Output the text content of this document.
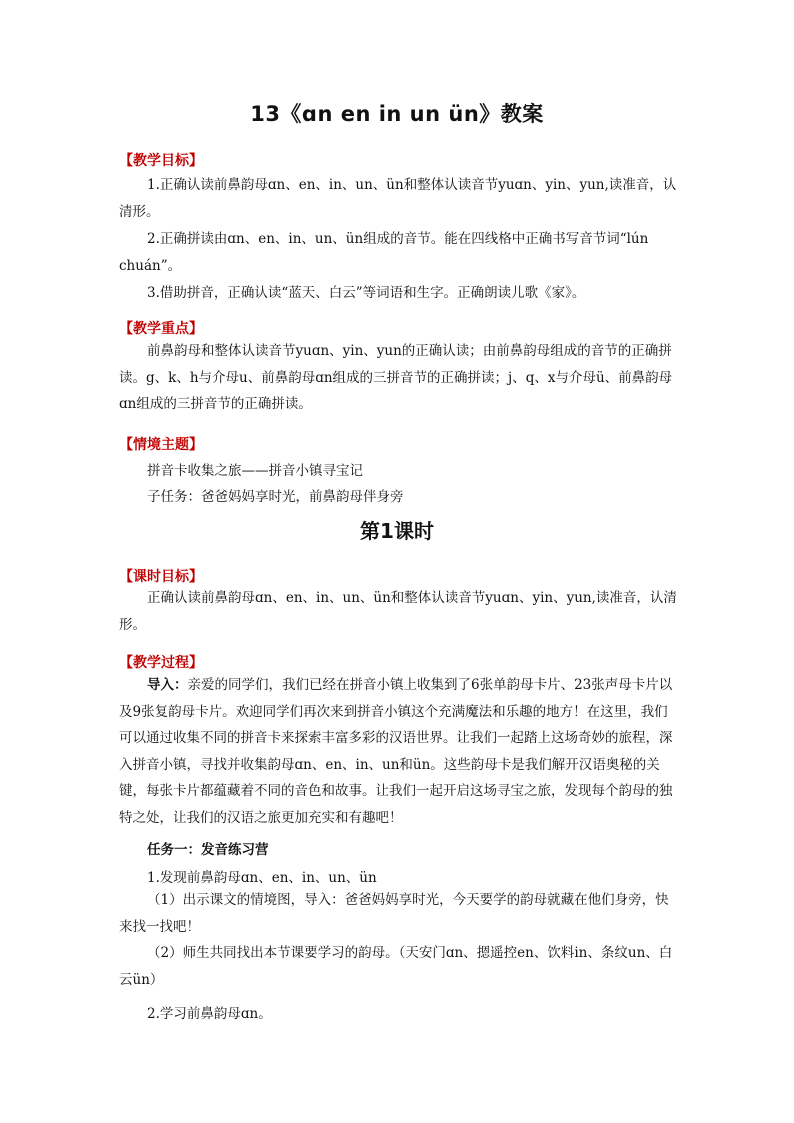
13《ɑn en in un ün》教案
【教学目标】

1.正确认读前鼻韵母ɑn、en、in、un、ün和整体认读音节yuɑn、yin、yun,读准音，认清形。

2.正确拼读由ɑn、en、in、un、ün组成的音节。能在四线格中正确书写音节词“lún chuán”。

3.借助拼音，正确认读“蓝天、白云”等词语和生字。正确朗读儿歌《家》。

【教学重点】

前鼻韵母和整体认读音节yuɑn、yin、yun的正确认读；由前鼻韵母组成的音节的正确拼读。g、k、h与介母u、前鼻韵母ɑn组成的三拼音节的正确拼读；j、q、x与介母ü、前鼻韵母ɑn组成的三拼音节的正确拼读。

【情境主题】
拼音卡收集之旅——拼音小镇寻宝记
子任务：爸爸妈妈享时光，前鼻韵母伴身旁
第1课时
【课时目标】

正确认读前鼻韵母ɑn、en、in、un、ün和整体认读音节yuɑn、yin、yun,读准音，认清形。

【教学过程】

导入：亲爱的同学们，我们已经在拼音小镇上收集到了6张单韵母卡片、23张声母卡片以及9张复韵母卡片。欢迎同学们再次来到拼音小镇这个充满魔法和乐趣的地方！在这里，我们可以通过收集不同的拼音卡来探索丰富多彩的汉语世界。让我们一起踏上这场奇妙的旅程，深入拼音小镇，寻找并收集韵母ɑn、en、in、un和ün。这些韵母卡是我们解开汉语奥秘的关键，每张卡片都蕴藏着不同的音色和故事。让我们一起开启这场寻宝之旅，发现每个韵母的独特之处，让我们的汉语之旅更加充实和有趣吧！

任务一：发音练习营
1.发现前鼻韵母ɑn、en、in、un、ün

（1）出示课文的情境图，导入：爸爸妈妈享时光，今天要学的韵母就藏在他们身旁，快来找一找吧！

（2）师生共同找出本节课要学习的韵母。（天安门ɑn、摁遥控en、饮料in、条纹un、白云ün）

2.学习前鼻韵母ɑn。
